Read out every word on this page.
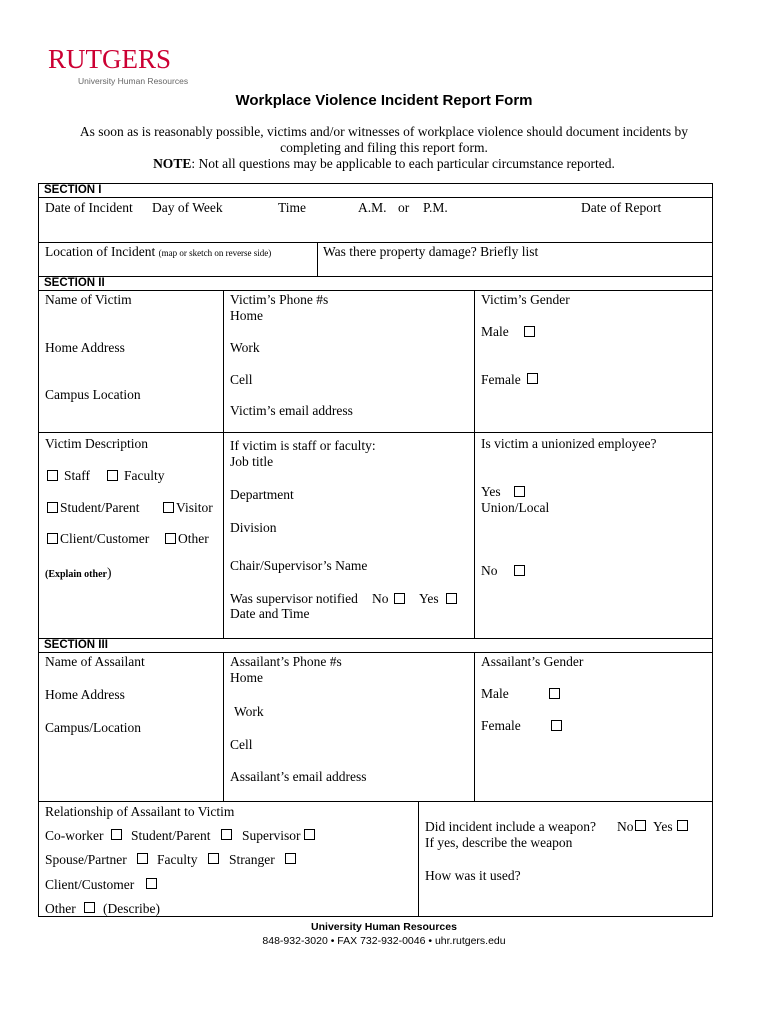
RUTGERS
University Human Resources
Workplace Violence Incident Report Form
As soon as is reasonably possible, victims and/or witnesses of workplace violence should document incidents by
completing and filing this report form.
NOTE: Not all questions may be applicable to each particular circumstance reported.
SECTION I
Date of Incident Day of Week	Time	A.M. or P.M.	Date of Report
Location of Incident (map or sketch on reverse side)	Was there property damage? Briefly list
SECTION II
Name of Victim
Home Address
Campus Location
Victim’s Phone #s
Home
Work
Cell
Victim’s email address
Victim’s Gender
Male
Female
Victim Description
Staff	Faculty
Student/Parent	Visitor
Client/Customer Other
(Explain other)
If victim is staff or faculty:
Job title
Department
Division
Chair/Supervisor’s Name
Was supervisor notified No Yes
Date and Time
Is victim a unionized employee?
Yes
Union/Local
No
SECTION III
Name of Assailant
Home Address
Campus/Location
Assailant’s Phone #s
Home
Work
Cell
Assailant’s email address
Assailant’s Gender
Male
Female
Relationship of Assailant to Victim
Co-worker Student/Parent Supervisor
Spouse/Partner Faculty Stranger
Client/Customer
Other (Describe)
Did incident include a weapon? No Yes
If yes, describe the weapon
How was it used?
University Human Resources
848-932-3020 • FAX 732-932-0046 • uhr.rutgers.edu
